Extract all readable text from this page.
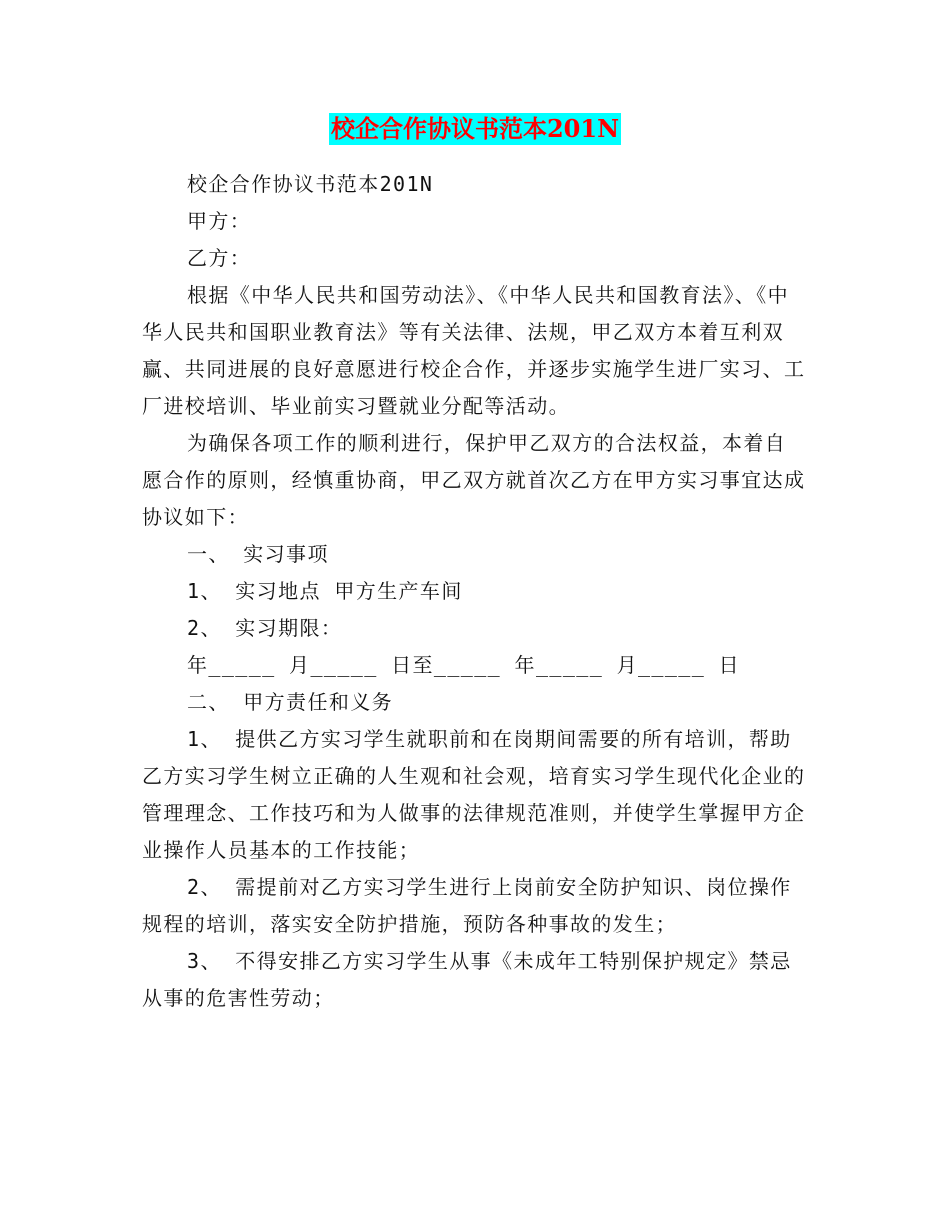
校企合作协议书范本201N

校企合作协议书范本201N

甲方：

乙方：

根据《中华人民共和国劳动法》、《中华人民共和国教育法》、《中华人民共和国职业教育法》等有关法律、法规，甲乙双方本着互利双赢、共同进展的良好意愿进行校企合作，并逐步实施学生进厂实习、工厂进校培训、毕业前实习暨就业分配等活动。

为确保各项工作的顺利进行，保护甲乙双方的合法权益，本着自愿合作的原则，经慎重协商，甲乙双方就首次乙方在甲方实习事宜达成协议如下：

一、 实习事项

1、 实习地点 甲方生产车间

2、 实习期限：

年_____ 月_____ 日至_____ 年_____ 月_____ 日

二、 甲方责任和义务

1、 提供乙方实习学生就职前和在岗期间需要的所有培训，帮助乙方实习学生树立正确的人生观和社会观，培育实习学生现代化企业的管理理念、工作技巧和为人做事的法律规范准则，并使学生掌握甲方企业操作人员基本的工作技能；

2、 需提前对乙方实习学生进行上岗前安全防护知识、岗位操作规程的培训，落实安全防护措施，预防各种事故的发生；

3、 不得安排乙方实习学生从事《未成年工特别保护规定》禁忌从事的危害性劳动；
